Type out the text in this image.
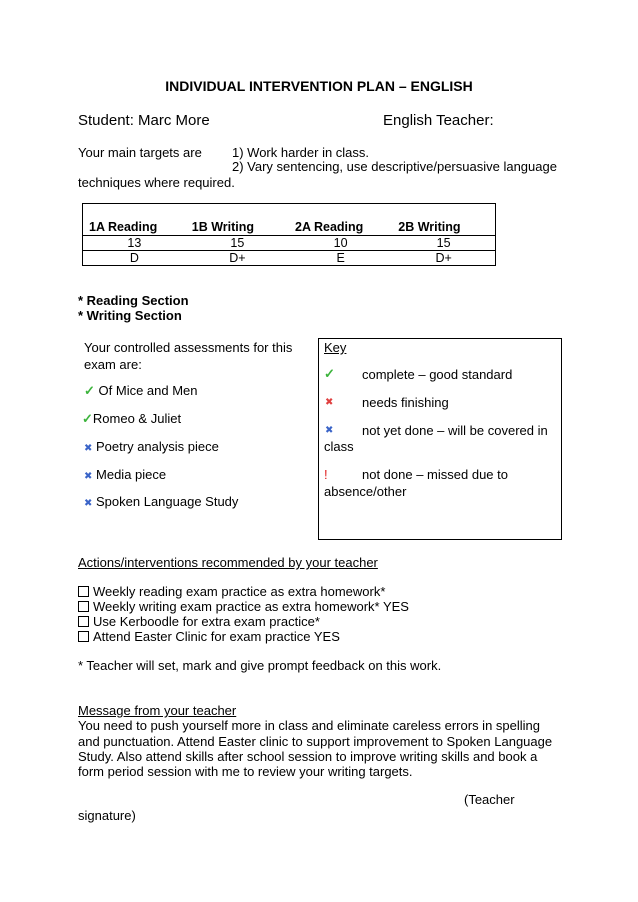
INDIVIDUAL INTERVENTION PLAN – ENGLISH
Student: Marc More	English Teacher:
Your main targets are 1) Work harder in class.
2) Vary sentencing, use descriptive/persuasive language
techniques where required.
1A Reading	1B Writing	2A Reading	2B Writing
13	15	10	15
D	D+	E	D+
* Reading Section
* Writing Section
Your controlled assessments for this
exam are:
✓ Of Mice and Men
✓Romeo & Juliet
✖ Poetry analysis piece
✖ Media piece
✖ Spoken Language Study
Key
✓ complete – good standard
✖ needs finishing
✖ not yet done – will be covered in
class
!	not done – missed due to
absence/other
Actions/interventions recommended by your teacher
Weekly reading exam practice as extra homework*
Weekly writing exam practice as extra homework* YES
Use Kerboodle for extra exam practice*
Attend Easter Clinic for exam practice YES
* Teacher will set, mark and give prompt feedback on this work.
Message from your teacher
You need to push yourself more in class and eliminate careless errors in spelling
and punctuation. Attend Easter clinic to support improvement to Spoken Language
Study. Also attend skills after school session to improve writing skills and book a
form period session with me to review your writing targets.
(Teacher
signature)
